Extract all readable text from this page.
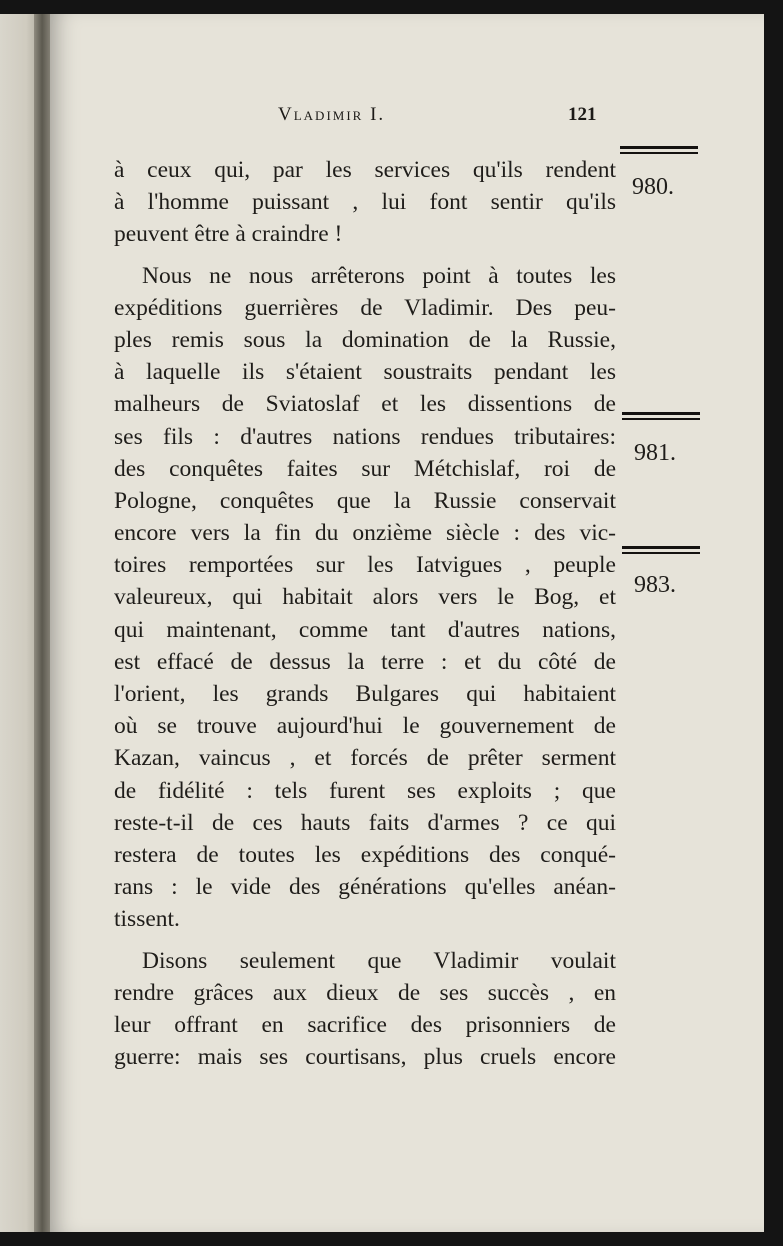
Vladimir I.	121
980.
981.
983.
à ceux qui, par les services qu'ils rendent
à l'homme puissant , lui font sentir qu'ils
peuvent être à craindre !
Nous ne nous arrêterons point à toutes les
expéditions guerrières de Vladimir. Des peu-
ples remis sous la domination de la Russie,
à laquelle ils s'étaient soustraits pendant les
malheurs de Sviatoslaf et les dissentions de
ses fils : d'autres nations rendues tributaires:
des conquêtes faites sur Métchislaf, roi de
Pologne, conquêtes que la Russie conservait
encore vers la fin du onzième siècle : des vic-
toires remportées sur les Iatvigues , peuple
valeureux, qui habitait alors vers le Bog, et
qui maintenant, comme tant d'autres nations,
est effacé de dessus la terre : et du côté de
l'orient, les grands Bulgares qui habitaient
où se trouve aujourd'hui le gouvernement de
Kazan, vaincus , et forcés de prêter serment
de fidélité : tels furent ses exploits ; que
reste-t-il de ces hauts faits d'armes ? ce qui
restera de toutes les expéditions des conqué-
rans : le vide des générations qu'elles anéan-
tissent.
Disons seulement que Vladimir voulait
rendre grâces aux dieux de ses succès , en
leur offrant en sacrifice des prisonniers de
guerre: mais ses courtisans, plus cruels encore
